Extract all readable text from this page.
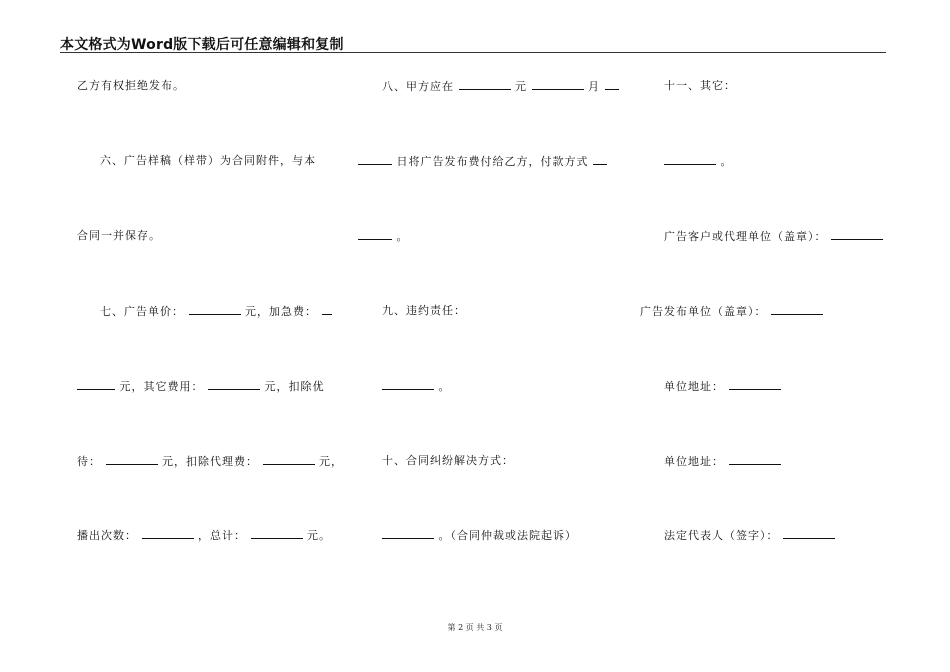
本文格式为Word版下载后可任意编辑和复制
乙方有权拒绝发布。
六、广告样稿（样带）为合同附件，与本
合同一并保存。
七、广告单价：	元，加急费：
元，其它费用：	元，扣除优
待：	元，扣除代理费：	元，
播出次数：	，总计：	元。
八、甲方应在	元	月
日将广告发布费付给乙方，付款方式
。
九、违约责任：
。
十、合同纠纷解决方式：
。（合同仲裁或法院起诉）
十一、其它：
。
广告客户或代理单位（盖章）：
广告发布单位（盖章）：
单位地址：
单位地址：
法定代表人（签字）：
第 2 页 共 3 页
